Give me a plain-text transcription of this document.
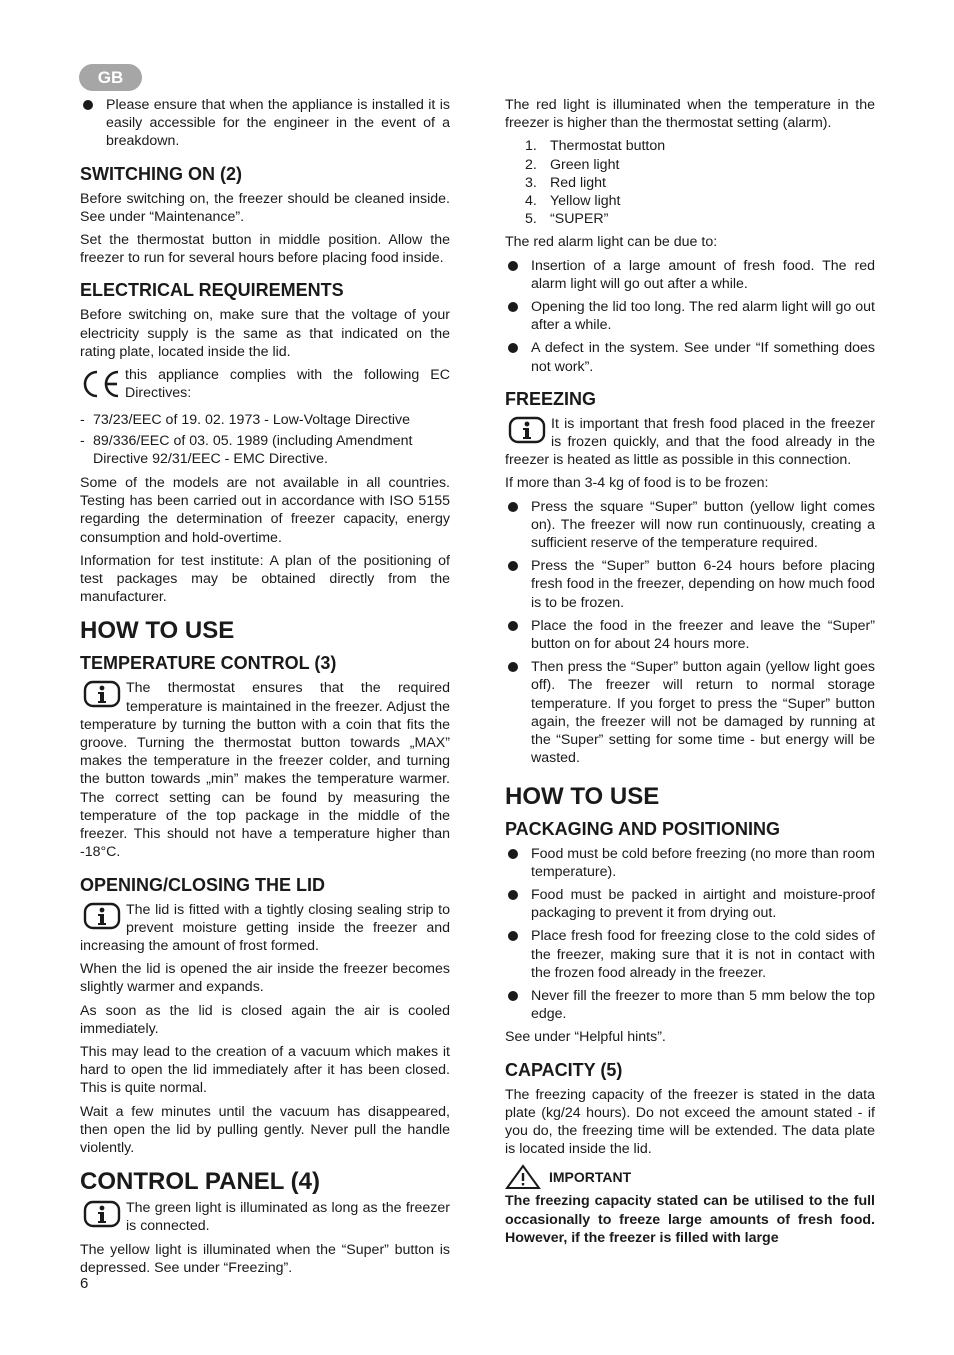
GB
Please ensure that when the appliance is installed it is easily accessible for the engineer in the event of a breakdown.
SWITCHING ON (2)

Before switching on, the freezer should be cleaned inside. See under “Maintenance”.

Set the thermostat button in middle position. Allow the freezer to run for several hours before placing food inside.

ELECTRICAL REQUIREMENTS

Before switching on, make sure that the voltage of your electricity supply is the same as that indicated on the rating plate, located inside the lid.

this appliance complies with the following EC Directives:

- 73/23/EEC of 19. 02. 1973 - Low-Voltage Directive
- 89/336/EEC of 03. 05. 1989 (including Amendment Directive 92/31/EEC - EMC Directive.

Some of the models are not available in all countries. Testing has been carried out in accordance with ISO 5155 regarding the determination of freezer capacity, energy consumption and hold-overtime.

Information for test institute: A plan of the positioning of test packages may be obtained directly from the manufacturer.

HOW TO USE
TEMPERATURE CONTROL (3)

The thermostat ensures that the required temperature is maintained in the freezer. Adjust the temperature by turning the button with a coin that fits the groove. Turning the thermostat button towards „MAX” makes the temperature in the freezer colder, and turning the button towards „min” makes the temperature warmer. The correct setting can be found by measuring the temperature of the top package in the middle of the freezer. This should not have a temperature higher than -18°C.

OPENING/CLOSING THE LID

The lid is fitted with a tightly closing sealing strip to prevent moisture getting inside the freezer and increasing the amount of frost formed.

When the lid is opened the air inside the freezer becomes slightly warmer and expands.

As soon as the lid is closed again the air is cooled immediately.

This may lead to the creation of a vacuum which makes it hard to open the lid immediately after it has been closed. This is quite normal.

Wait a few minutes until the vacuum has disappeared, then open the lid by pulling gently. Never pull the handle violently.

CONTROL PANEL (4)

The green light is illuminated as long as the freezer is connected.

The yellow light is illuminated when the “Super” button is depressed. See under “Freezing”.

The red light is illuminated when the temperature in the freezer is higher than the thermostat setting (alarm).

1. Thermostat button
2. Green light
3. Red light
4. Yellow light
5. “SUPER”

The red alarm light can be due to:

Insertion of a large amount of fresh food. The red alarm light will go out after a while.
Opening the lid too long. The red alarm light will go out after a while.
A defect in the system. See under “If something does not work”.
FREEZING

It is important that fresh food placed in the freezer is frozen quickly, and that the food already in the freezer is heated as little as possible in this connection.

If more than 3-4 kg of food is to be frozen:

Press the square “Super” button (yellow light comes on). The freezer will now run continuously, creating a sufficient reserve of the temperature required.
Press the “Super” button 6-24 hours before placing fresh food in the freezer, depending on how much food is to be frozen.
Place the food in the freezer and leave the “Super” button on for about 24 hours more.
Then press the “Super” button again (yellow light goes off). The freezer will return to normal storage temperature. If you forget to press the “Super” button again, the freezer will not be damaged by running at the “Super” setting for some time - but energy will be wasted.
HOW TO USE
PACKAGING AND POSITIONING
Food must be cold before freezing (no more than room temperature).
Food must be packed in airtight and moisture-proof packaging to prevent it from drying out.
Place fresh food for freezing close to the cold sides of the freezer, making sure that it is not in contact with the frozen food already in the freezer.
Never fill the freezer to more than 5 mm below the top edge.

See under “Helpful hints”.

CAPACITY (5)

The freezing capacity of the freezer is stated in the data plate (kg/24 hours). Do not exceed the amount stated - if you do, the freezing time will be extended. The data plate is located inside the lid.

IMPORTANT

The freezing capacity stated can be utilised to the full occasionally to freeze large amounts of fresh food. However, if the freezer is filled with large

6
